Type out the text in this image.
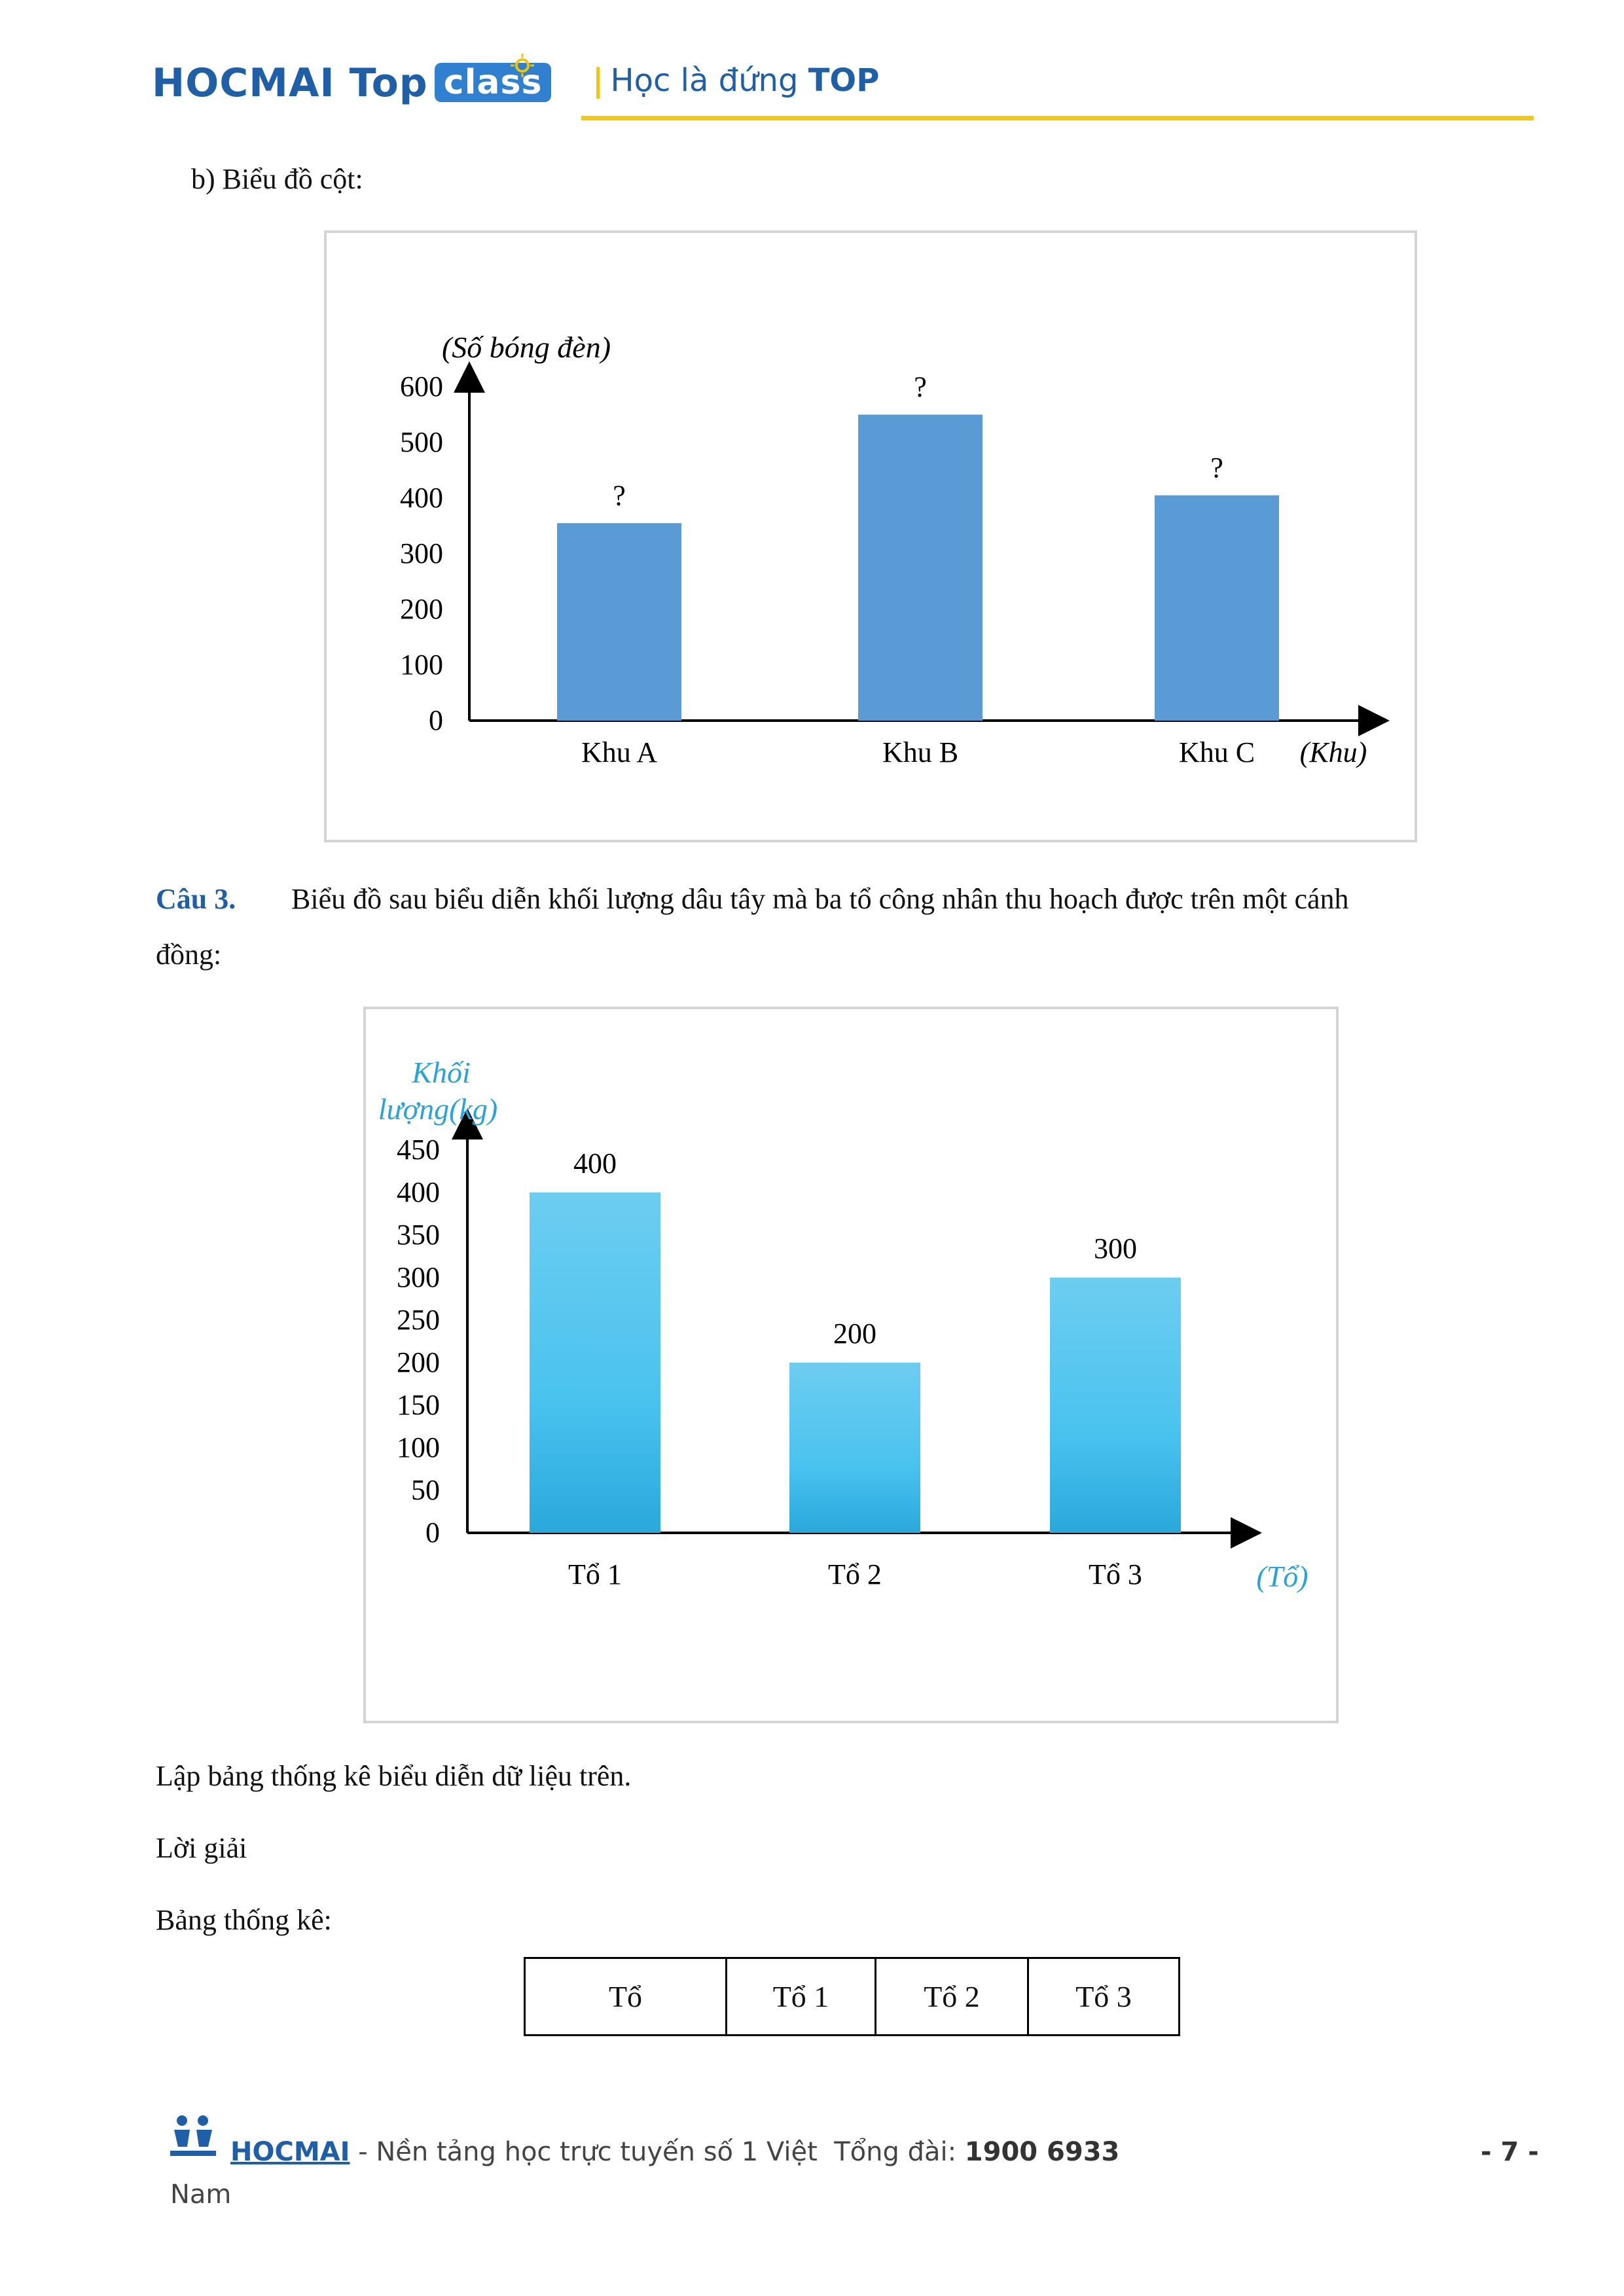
HOCMAI Top class | Học là đứng TOP
b) Biểu đồ cột:
0
100
200
300
400
500
600
(Số bóng đèn)
?
Khu A
?
Khu B
?
Khu C (Khu)
Câu 3. Biểu đồ sau biểu diễn khối lượng dâu tây mà ba tổ công nhân thu hoạch được trên một cánh
đồng:
0
50
100
150
200
250
300
350
400
450
Khối
lượng(kg)
400
Tổ 1
200
Tổ 2
300
Tổ 3	(Tổ)
Lập bảng thống kê biểu diễn dữ liệu trên.
Lời giải
Bảng thống kê:
Tổ	Tổ 1	Tổ 2	Tổ 3
HOCMAI - Nền tảng học trực tuyến số 1 Việt Tổng đài: 1900 6933
Nam
- 7 -
